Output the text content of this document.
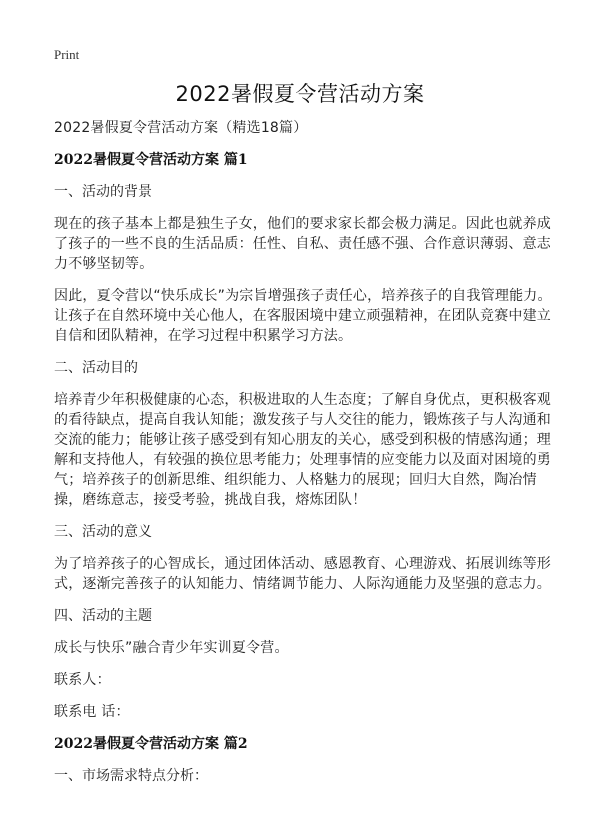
Print
2022暑假夏令营活动方案

2022暑假夏令营活动方案（精选18篇）

2022暑假夏令营活动方案 篇1

一、活动的背景

现在的孩子基本上都是独生子女，他们的要求家长都会极力满足。因此也就养成了孩子的一些不良的生活品质：任性、自私、责任感不强、合作意识薄弱、意志力不够坚韧等。

因此，夏令营以“快乐成长”为宗旨增强孩子责任心，培养孩子的自我管理能力。让孩子在自然环境中关心他人，在客服困境中建立顽强精神，在团队竞赛中建立自信和团队精神，在学习过程中积累学习方法。

二、活动目的

培养青少年积极健康的心态，积极进取的人生态度；了解自身优点，更积极客观的看待缺点，提高自我认知能；激发孩子与人交往的能力，锻炼孩子与人沟通和交流的能力；能够让孩子感受到有知心朋友的关心，感受到积极的情感沟通；理解和支持他人，有较强的换位思考能力；处理事情的应变能力以及面对困境的勇气；培养孩子的创新思维、组织能力、人格魅力的展现；回归大自然，陶冶情操，磨练意志，接受考验，挑战自我，熔炼团队！

三、活动的意义

为了培养孩子的心智成长，通过团体活动、感恩教育、心理游戏、拓展训练等形式，逐渐完善孩子的认知能力、情绪调节能力、人际沟通能力及坚强的意志力。

四、活动的主题

成长与快乐”融合青少年实训夏令营。

联系人：

联系电 话：

2022暑假夏令营活动方案 篇2

一、市场需求特点分析：
